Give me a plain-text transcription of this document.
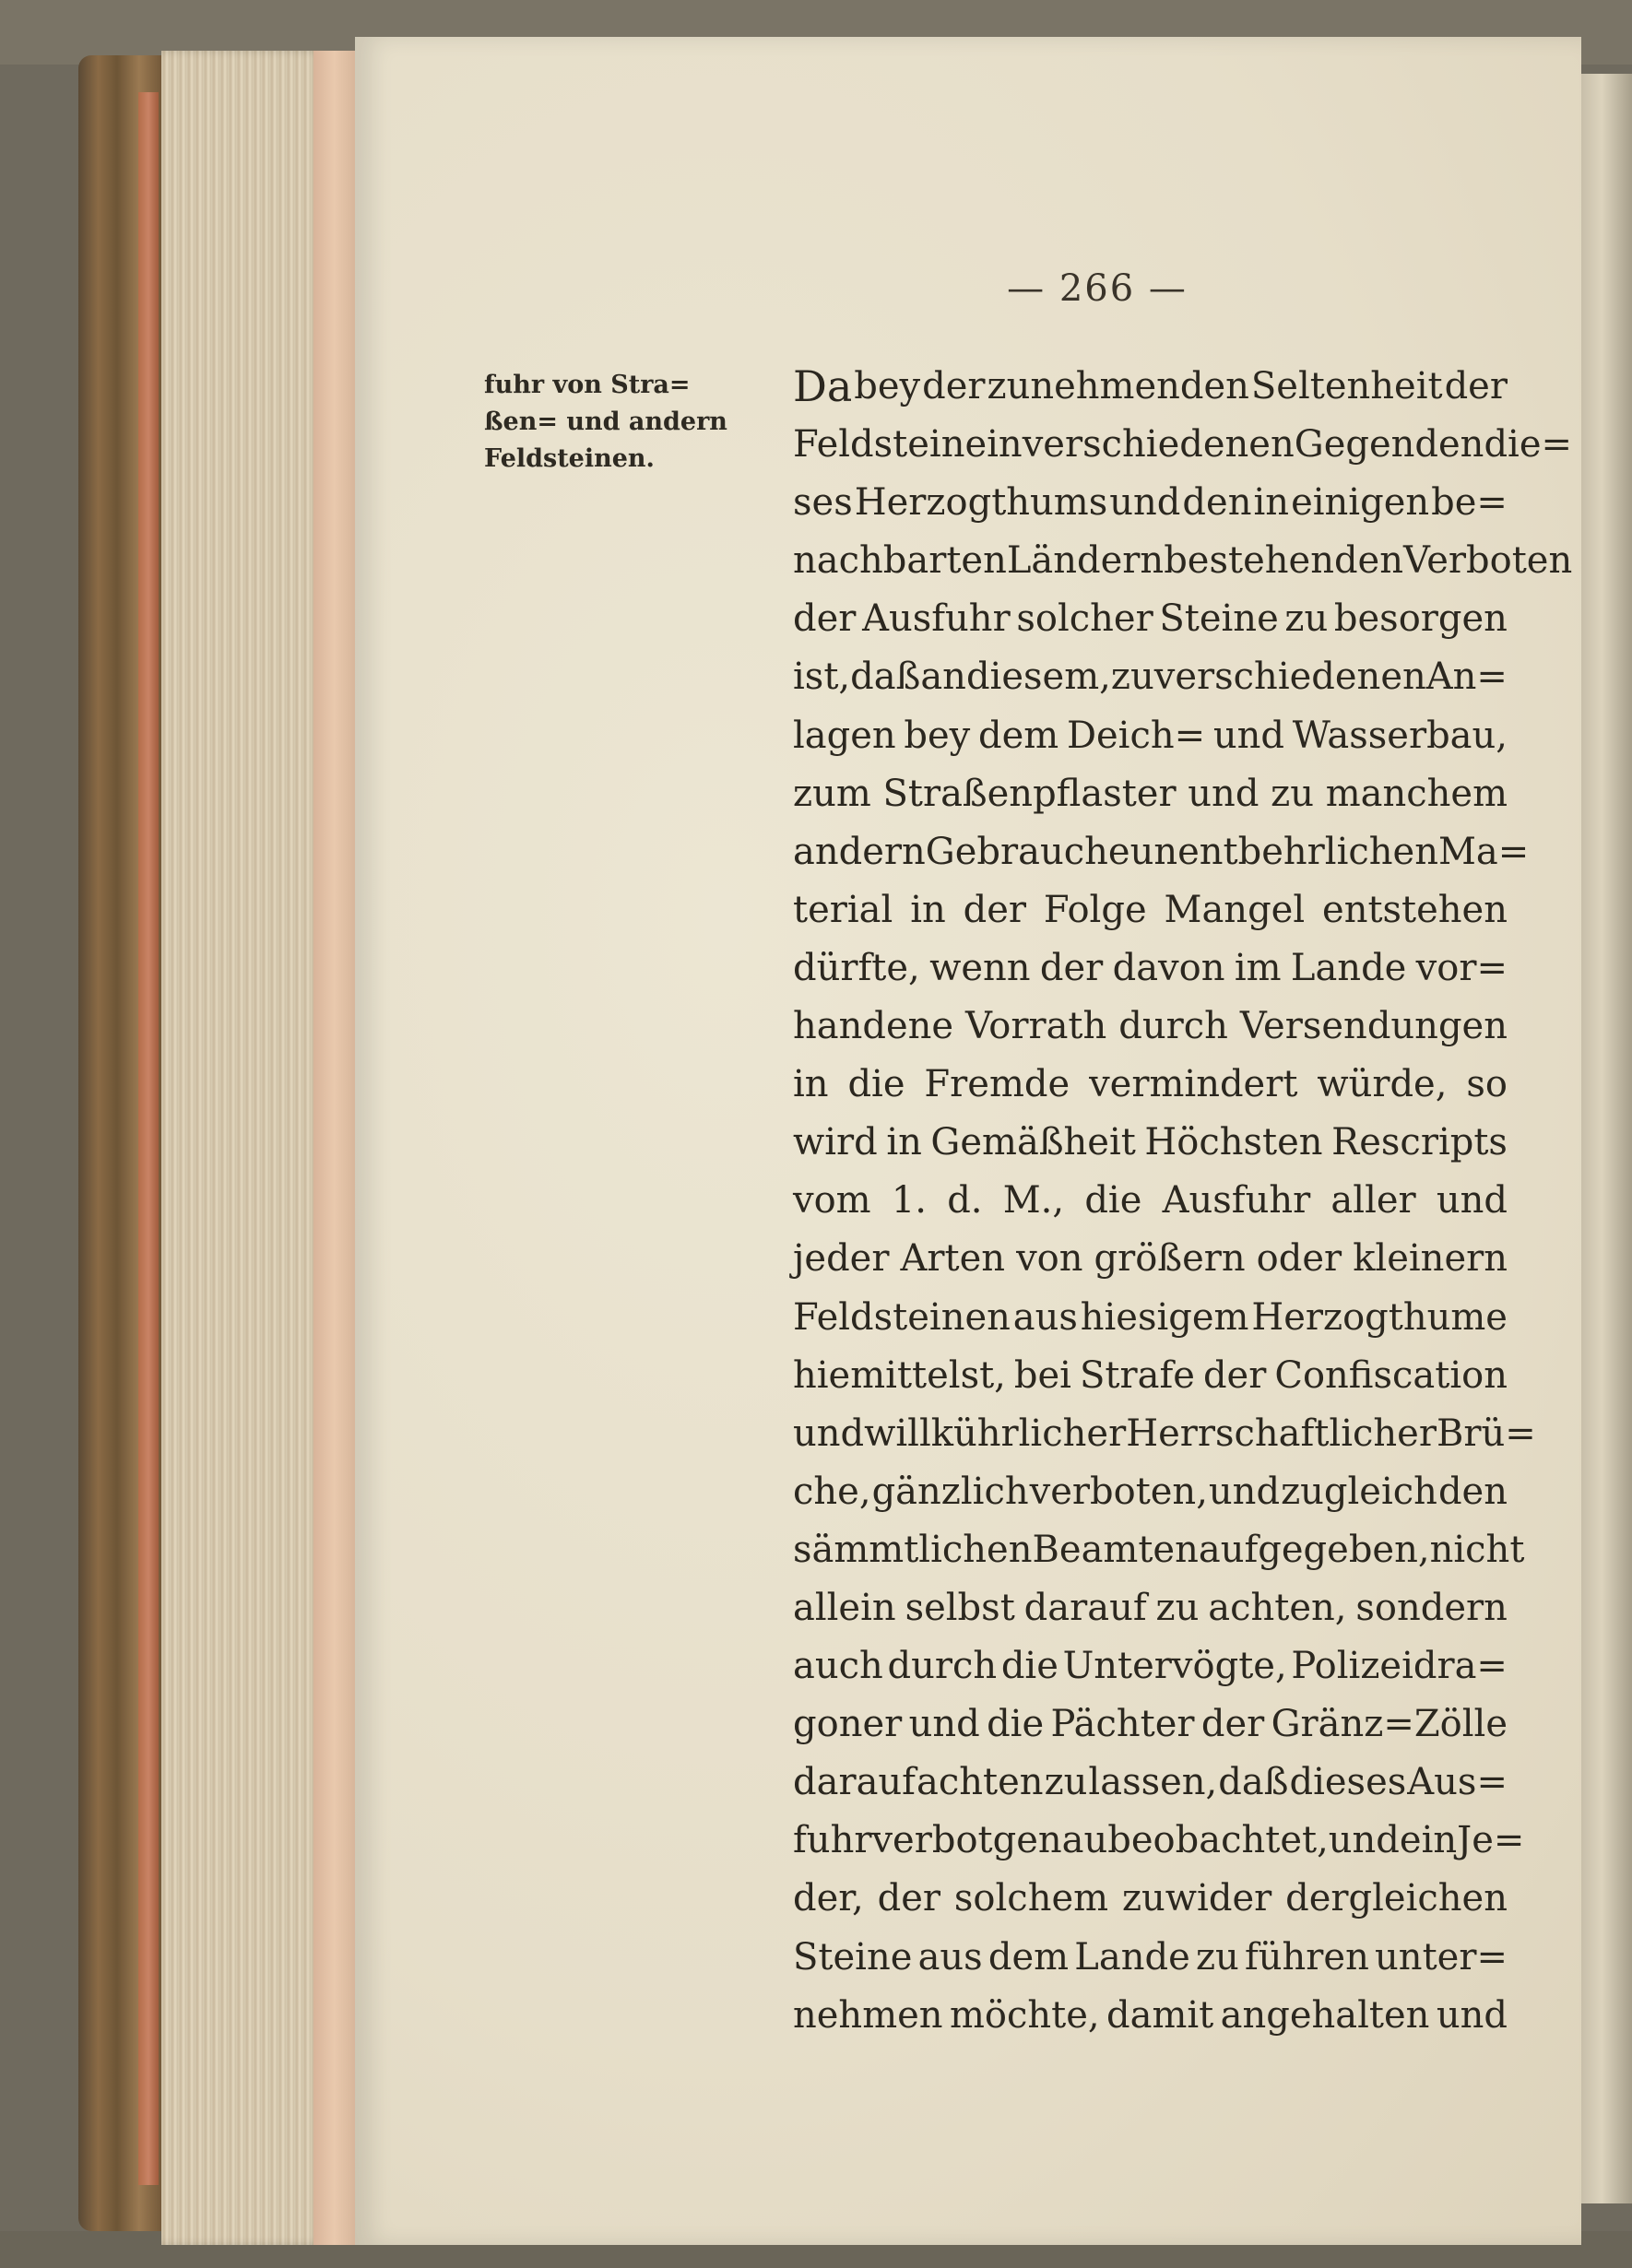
— 266 —
fuhr von Stra=
ßen= und andern
Feldsteinen.
Da bey der zunehmenden Seltenheit der
Feldsteine in verschiedenen Gegenden die=
ses Herzogthums und den in einigen be=
nachbarten Ländern bestehenden Verboten
der Ausfuhr solcher Steine zu besorgen
ist, daß an diesem, zu verschiedenen An=
lagen bey dem Deich= und Wasserbau,
zum Straßenpflaster und zu manchem
andern Gebrauche unentbehrlichen Ma=
terial in der Folge Mangel entstehen
dürfte, wenn der davon im Lande vor=
handene Vorrath durch Versendungen
in die Fremde vermindert würde, so
wird in Gemäßheit Höchsten Rescripts
vom 1. d. M., die Ausfuhr aller und
jeder Arten von größern oder kleinern
Feldsteinen aus hiesigem Herzogthume
hiemittelst, bei Strafe der Confiscation
und willkührlicher Herrschaftlicher Brü=
che, gänzlich verboten, und zugleich den
sämmtlichen Beamten aufgegeben, nicht
allein selbst darauf zu achten, sondern
auch durch die Untervögte, Polizeidra=
goner und die Pächter der Gränz=Zölle
darauf achten zu lassen, daß dieses Aus=
fuhrverbot genau beobachtet, und ein Je=
der, der solchem zuwider dergleichen
Steine aus dem Lande zu führen unter=
nehmen möchte, damit angehalten und
